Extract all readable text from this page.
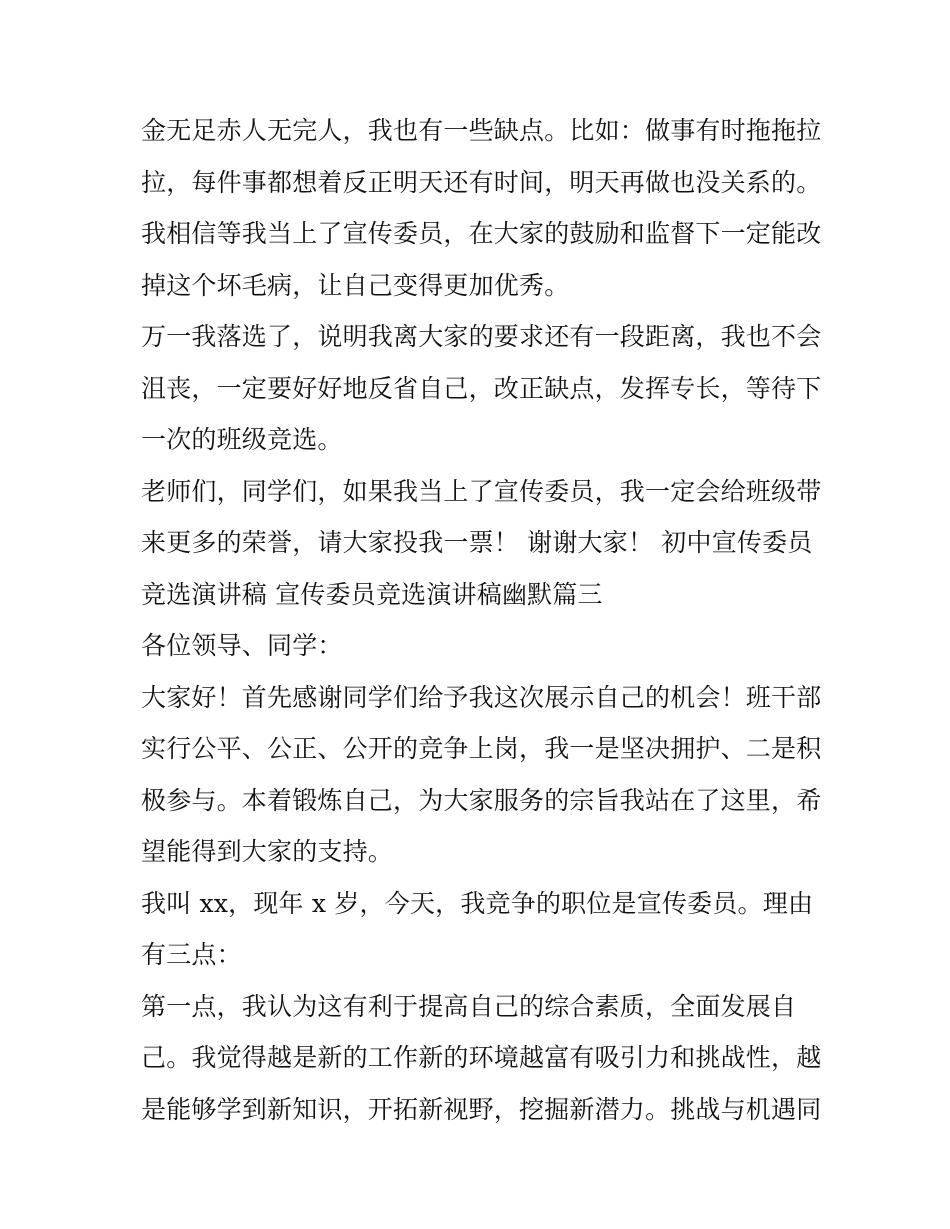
金无足赤人无完人，我也有一些缺点。比如：做事有时拖拖拉
拉，每件事都想着反正明天还有时间，明天再做也没关系的。
我相信等我当上了宣传委员，在大家的鼓励和监督下一定能改
掉这个坏毛病，让自己变得更加优秀。
万一我落选了，说明我离大家的要求还有一段距离，我也不会
沮丧，一定要好好地反省自己，改正缺点，发挥专长，等待下
一次的班级竞选。
老师们，同学们，如果我当上了宣传委员，我一定会给班级带
来更多的荣誉，请大家投我一票！ 谢谢大家！ 初中宣传委员
竞选演讲稿 宣传委员竞选演讲稿幽默篇三
各位领导、同学：
大家好！首先感谢同学们给予我这次展示自己的机会！班干部
实行公平、公正、公开的竞争上岗，我一是坚决拥护、二是积
极参与。本着锻炼自己，为大家服务的宗旨我站在了这里，希
望能得到大家的支持。
我叫 xx，现年 x 岁，今天，我竞争的职位是宣传委员。理由
有三点：
第一点，我认为这有利于提高自己的综合素质，全面发展自
己。我觉得越是新的工作新的环境越富有吸引力和挑战性，越
是能够学到新知识，开拓新视野，挖掘新潜力。挑战与机遇同
